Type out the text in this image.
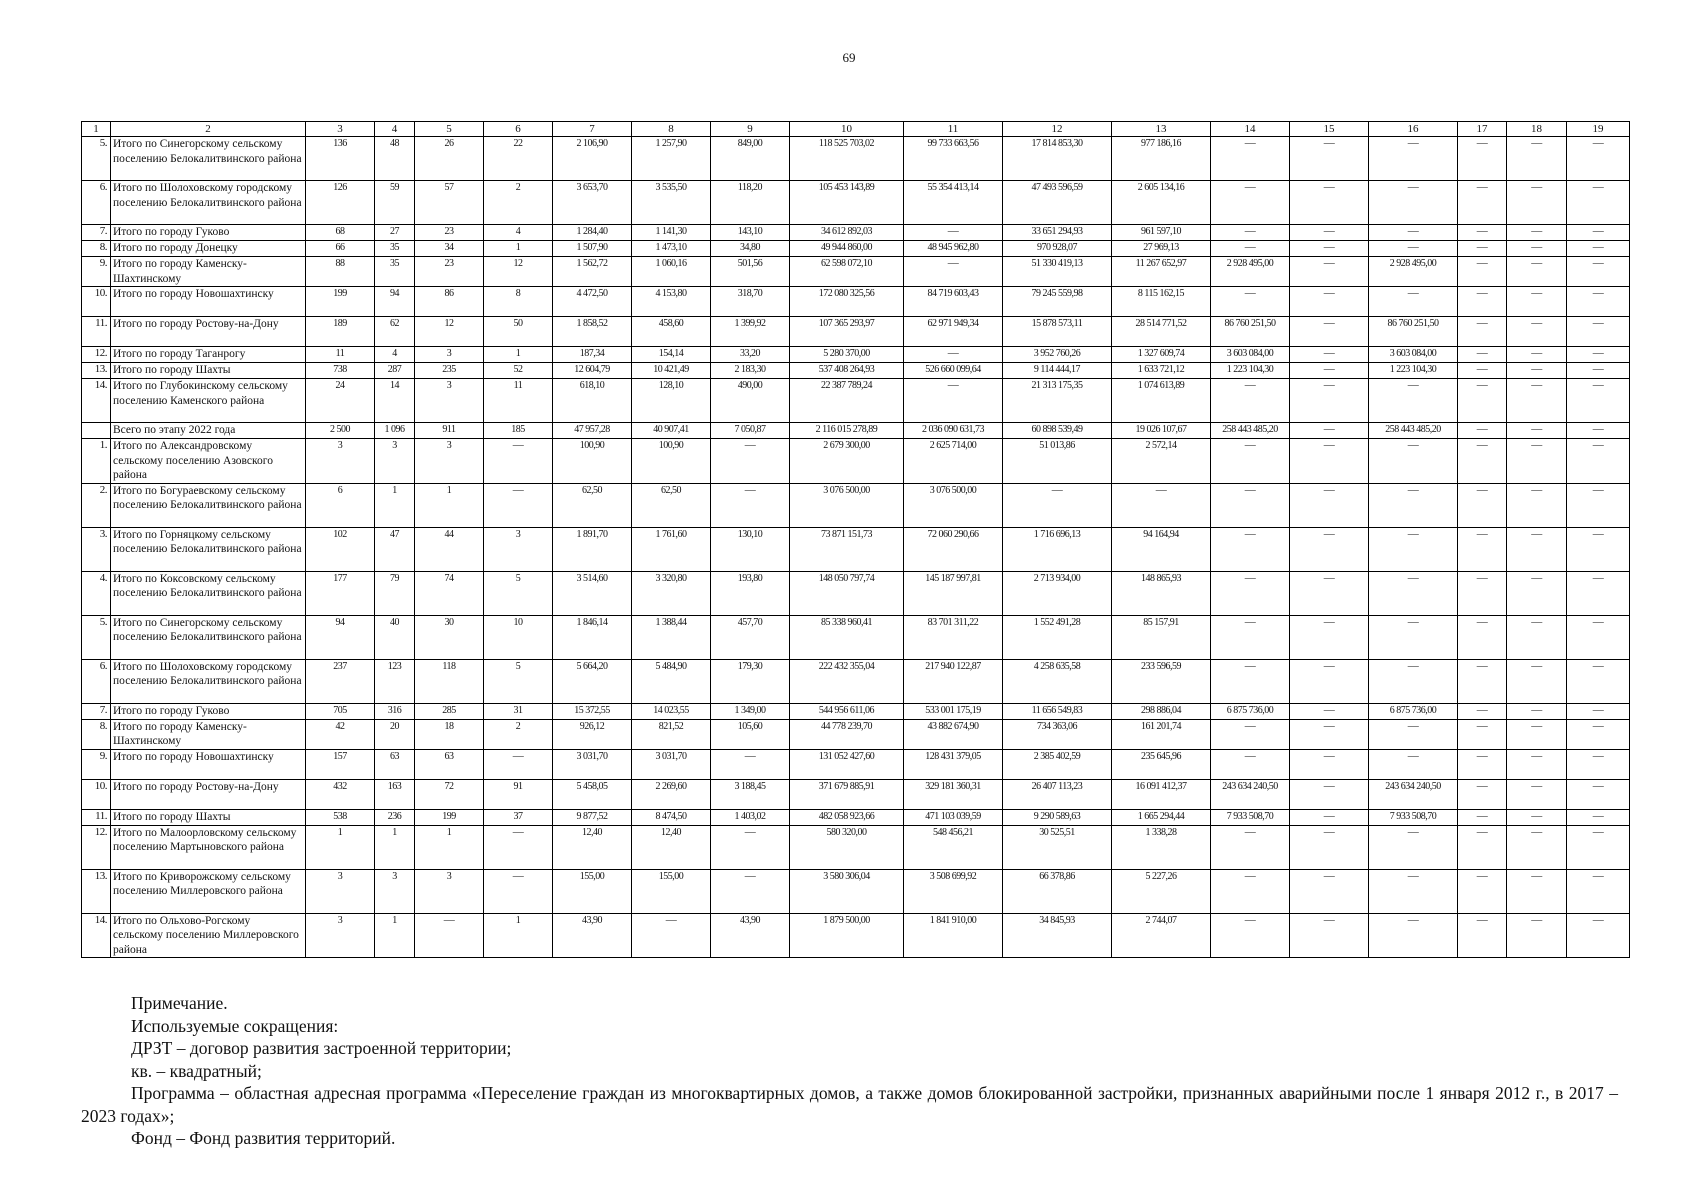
69
1	2	3	4	5	6	7	8	9	10	11	12	13	14	15	16	17	18	19
5.	Итого по Синегорскому сельскому поселению Белокалитвинского района	136	48	26	22	2 106,90	1 257,90	849,00	118 525 703,02	99 733 663,56	17 814 853,30	977 186,16	—	—	—	—	—	—
6.	Итого по Шолоховскому городскому поселению Белокалитвинского района	126	59	57	2	3 653,70	3 535,50	118,20	105 453 143,89	55 354 413,14	47 493 596,59	2 605 134,16	—	—	—	—	—	—
7.	Итого по городу Гуково	68	27	23	4	1 284,40	1 141,30	143,10	34 612 892,03	—	33 651 294,93	961 597,10	—	—	—	—	—	—
8.	Итого по городу Донецку	66	35	34	1	1 507,90	1 473,10	34,80	49 944 860,00	48 945 962,80	970 928,07	27 969,13	—	—	—	—	—	—
9.	Итого по городу Каменску-Шахтинскому	88	35	23	12	1 562,72	1 060,16	501,56	62 598 072,10	—	51 330 419,13	11 267 652,97	2 928 495,00	—	2 928 495,00	—	—	—
10.	Итого по городу Новошахтинску	199	94	86	8	4 472,50	4 153,80	318,70	172 080 325,56	84 719 603,43	79 245 559,98	8 115 162,15	—	—	—	—	—	—
11.	Итого по городу Ростову-на-Дону	189	62	12	50	1 858,52	458,60	1 399,92	107 365 293,97	62 971 949,34	15 878 573,11	28 514 771,52	86 760 251,50	—	86 760 251,50	—	—	—
12.	Итого по городу Таганрогу	11	4	3	1	187,34	154,14	33,20	5 280 370,00	—	3 952 760,26	1 327 609,74	3 603 084,00	—	3 603 084,00	—	—	—
13.	Итого по городу Шахты	738	287	235	52	12 604,79	10 421,49	2 183,30	537 408 264,93	526 660 099,64	9 114 444,17	1 633 721,12	1 223 104,30	—	1 223 104,30	—	—	—
14.	Итого по Глубокинскому сельскому поселению Каменского района	24	14	3	11	618,10	128,10	490,00	22 387 789,24	—	21 313 175,35	1 074 613,89	—	—	—	—	—	—
	Всего по этапу 2022 года	2 500	1 096	911	185	47 957,28	40 907,41	7 050,87	2 116 015 278,89	2 036 090 631,73	60 898 539,49	19 026 107,67	258 443 485,20	—	258 443 485,20	—	—	—
1.	Итого по Александровскому сельскому поселению Азовского района	3	3	3	—	100,90	100,90	—	2 679 300,00	2 625 714,00	51 013,86	2 572,14	—	—	—	—	—	—
2.	Итого по Богураевскому сельскому поселению Белокалитвинского района	6	1	1	—	62,50	62,50	—	3 076 500,00	3 076 500,00	—	—	—	—	—	—	—	—
3.	Итого по Горняцкому сельскому поселению Белокалитвинского района	102	47	44	3	1 891,70	1 761,60	130,10	73 871 151,73	72 060 290,66	1 716 696,13	94 164,94	—	—	—	—	—	—
4.	Итого по Коксовскому сельскому поселению Белокалитвинского района	177	79	74	5	3 514,60	3 320,80	193,80	148 050 797,74	145 187 997,81	2 713 934,00	148 865,93	—	—	—	—	—	—
5.	Итого по Синегорскому сельскому поселению Белокалитвинского района	94	40	30	10	1 846,14	1 388,44	457,70	85 338 960,41	83 701 311,22	1 552 491,28	85 157,91	—	—	—	—	—	—
6.	Итого по Шолоховскому городскому поселению Белокалитвинского района	237	123	118	5	5 664,20	5 484,90	179,30	222 432 355,04	217 940 122,87	4 258 635,58	233 596,59	—	—	—	—	—	—
7.	Итого по городу Гуково	705	316	285	31	15 372,55	14 023,55	1 349,00	544 956 611,06	533 001 175,19	11 656 549,83	298 886,04	6 875 736,00	—	6 875 736,00	—	—	—
8.	Итого по городу Каменску-Шахтинскому	42	20	18	2	926,12	821,52	105,60	44 778 239,70	43 882 674,90	734 363,06	161 201,74	—	—	—	—	—	—
9.	Итого по городу Новошахтинску	157	63	63	—	3 031,70	3 031,70	—	131 052 427,60	128 431 379,05	2 385 402,59	235 645,96	—	—	—	—	—	—
10.	Итого по городу Ростову-на-Дону	432	163	72	91	5 458,05	2 269,60	3 188,45	371 679 885,91	329 181 360,31	26 407 113,23	16 091 412,37	243 634 240,50	—	243 634 240,50	—	—	—
11.	Итого по городу Шахты	538	236	199	37	9 877,52	8 474,50	1 403,02	482 058 923,66	471 103 039,59	9 290 589,63	1 665 294,44	7 933 508,70	—	7 933 508,70	—	—	—
12.	Итого по Малоорловскому сельскому поселению Мартыновского района	1	1	1	—	12,40	12,40	—	580 320,00	548 456,21	30 525,51	1 338,28	—	—	—	—	—	—
13.	Итого по Криворожскому сельскому поселению Миллеровского района	3	3	3	—	155,00	155,00	—	3 580 306,04	3 508 699,92	66 378,86	5 227,26	—	—	—	—	—	—
14.	Итого по Ольхово-Рогскому сельскому поселению Миллеровского района	3	1	—	1	43,90	—	43,90	1 879 500,00	1 841 910,00	34 845,93	2 744,07	—	—	—	—	—	—

Примечание.

Используемые сокращения:

ДРЗТ – договор развития застроенной территории;

кв. – квадратный;

Программа – областная адресная программа «Переселение граждан из многоквартирных домов, а также домов блокированной застройки, признанных аварийными после 1 января 2012 г., в 2017 – 2023 годах»;

Фонд – Фонд развития территорий.
